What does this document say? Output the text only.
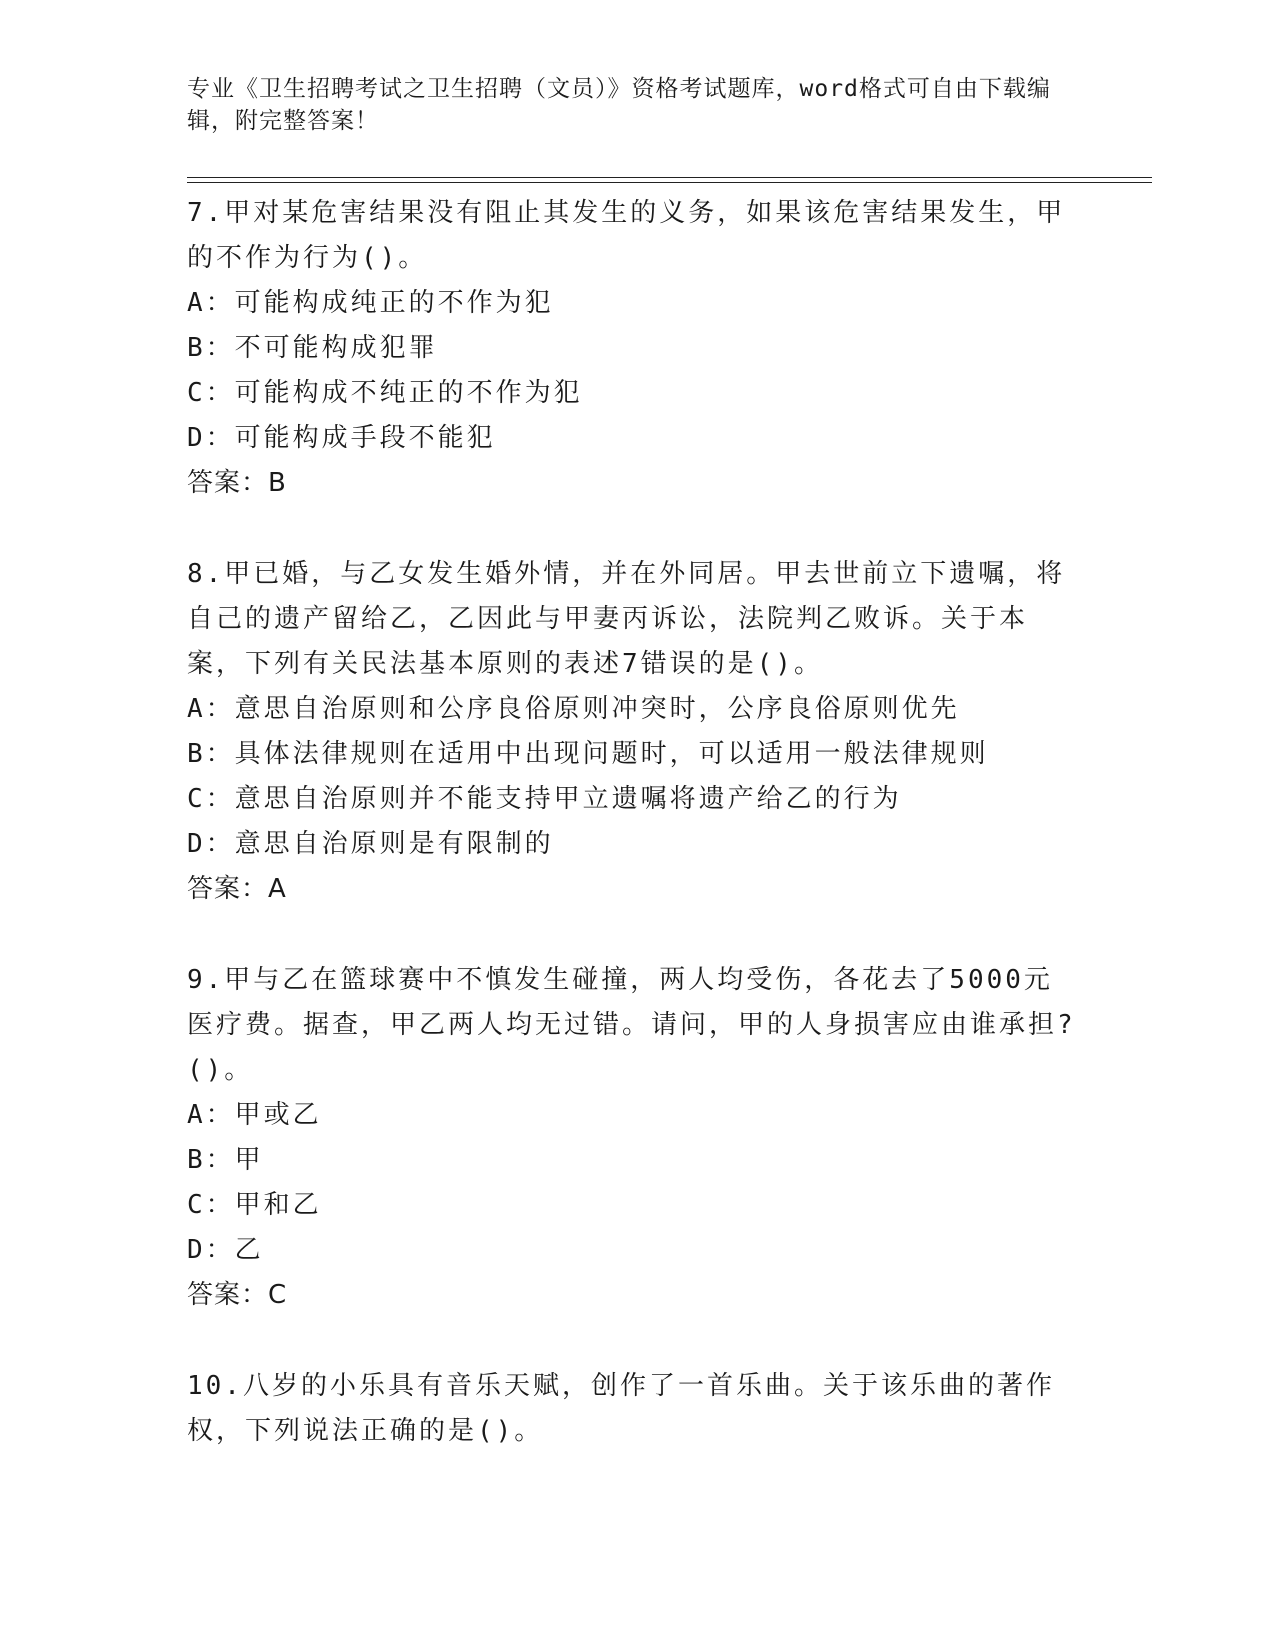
专业《卫生招聘考试之卫生招聘（文员）》资格考试题库，word格式可自由下载编辑，附完整答案！

7.甲对某危害结果没有阻止其发生的义务，如果该危害结果发生，甲的不作为行为()。

A：可能构成纯正的不作为犯

B：不可能构成犯罪

C：可能构成不纯正的不作为犯

D：可能构成手段不能犯

答案：B

8.甲已婚，与乙女发生婚外情，并在外同居。甲去世前立下遗嘱，将自己的遗产留给乙，乙因此与甲妻丙诉讼，法院判乙败诉。关于本案，下列有关民法基本原则的表述7错误的是()。

A：意思自治原则和公序良俗原则冲突时，公序良俗原则优先

B：具体法律规则在适用中出现问题时，可以适用一般法律规则

C：意思自治原则并不能支持甲立遗嘱将遗产给乙的行为

D：意思自治原则是有限制的

答案：A

9.甲与乙在篮球赛中不慎发生碰撞，两人均受伤，各花去了5000元医疗费。据查，甲乙两人均无过错。请问，甲的人身损害应由谁承担?()。

A：甲或乙

B：甲

C：甲和乙

D：乙

答案：C

10.八岁的小乐具有音乐天赋，创作了一首乐曲。关于该乐曲的著作权，下列说法正确的是()。
